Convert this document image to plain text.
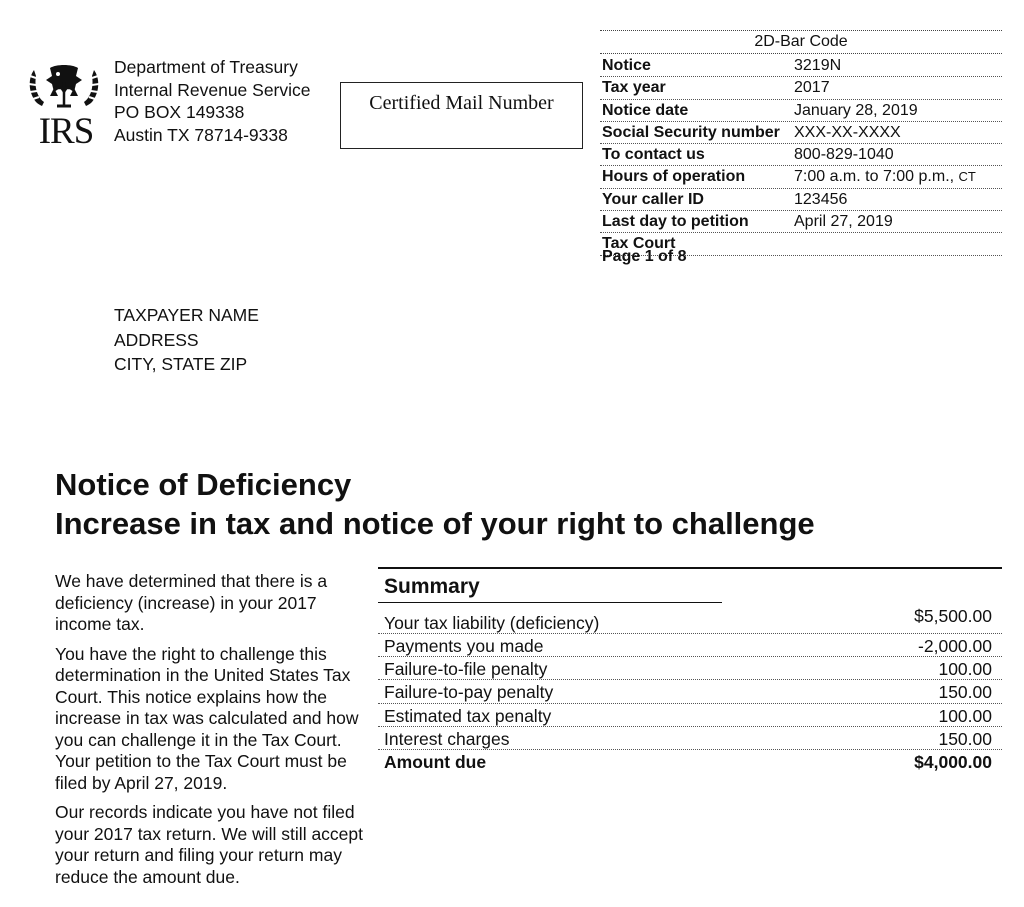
IRS
Department of Treasury
Internal Revenue Service
PO BOX 149338
Austin TX 78714-9338
Certified Mail Number
2D-Bar Code
Notice	3219N
Tax year	2017
Notice date	January 28, 2019
Social Security number XXX-XX-XXXX
To contact us	800-829-1040
Hours of operation	7:00 a.m. to 7:00 p.m., CT
Your caller ID	123456
Last day to petition	April 27, 2019
Tax Court
Page 1 of 8
TAXPAYER NAME
ADDRESS
CITY, STATE ZIP
Notice of Deficiency
Increase in tax and notice of your right to challenge

We have determined that there is a deficiency (increase) in your 2017 income tax.

You have the right to challenge this determination in the United States Tax Court. This notice explains how the increase in tax was calculated and how you can challenge it in the Tax Court. Your petition to the Tax Court must be filed by April 27, 2019.

Our records indicate you have not filed your 2017 tax return. We will still accept your return and filing your return may reduce the amount due.

Summary
Your tax liability (deficiency)	$5,500.00
Payments you made	-2,000.00
Failure-to-file penalty	100.00
Failure-to-pay penalty	150.00
Estimated tax penalty	100.00
Interest charges	150.00
Amount due	$4,000.00
